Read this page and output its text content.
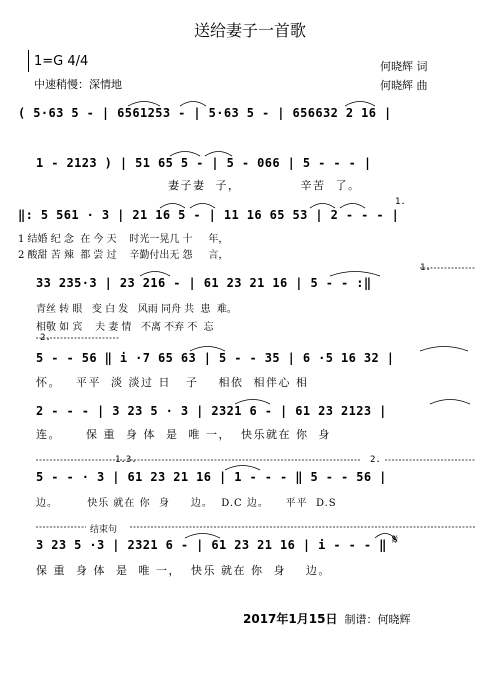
送给妻子一首歌
1=G 4/4
中速稍慢：深情地
何晓辉 词
何晓辉 曲
( 5·63 5 - | 6561253 - | 5·63 5 - | 656632 2 16 |
1 - 2123 ) | 51 65 5 - | 5 - 066 | 5 - - - |
妻子妻  子，            辛苦  了。
1.
‖: 5 561 · 3 | 21 16 5 - | 11 16 65 53 | 2 - - - |
1 结婚 纪 念  在 今 天    时光一晃几 十     年，
2 酸甜 苦 辣  都 尝 过    辛勤付出无 怨     言，
1.
33 235·3 | 23 216 - | 61 23 21 16 | 5 - - :‖
青丝 转 眼   变 白 发   风雨 同舟 共  患  难。
相敬 如 宾    夫 妻 情   不离 不弃 不  忘
2.
5 - - 56 ‖ i ·7 65 63 | 5 - - 35 | 6 ·5 16 32 |
怀。   平平  淡 淡过 日   子    相依  相伴心 相
2 - - - | 3 23 5 · 3 | 2321 6 - | 61 23 2123 |
连。     保 重  身 体  是  唯 一，  快乐就在 你  身
1.3.	2.
5 - - · 3 | 61 23 21 16 | 1 - - - ‖ 5 - - 56 |
边。       快乐 就在 你  身     边。  D.C 边。    平平  D.S
结束句
3 23 5 ·3 | 2321 6 - | 61 23 21 16 | i - - - ‖
保 重  身 体  是  唯 一，  快乐 就在 你  身    边。
𝄋
2017年1月15日 制谱：何晓辉
